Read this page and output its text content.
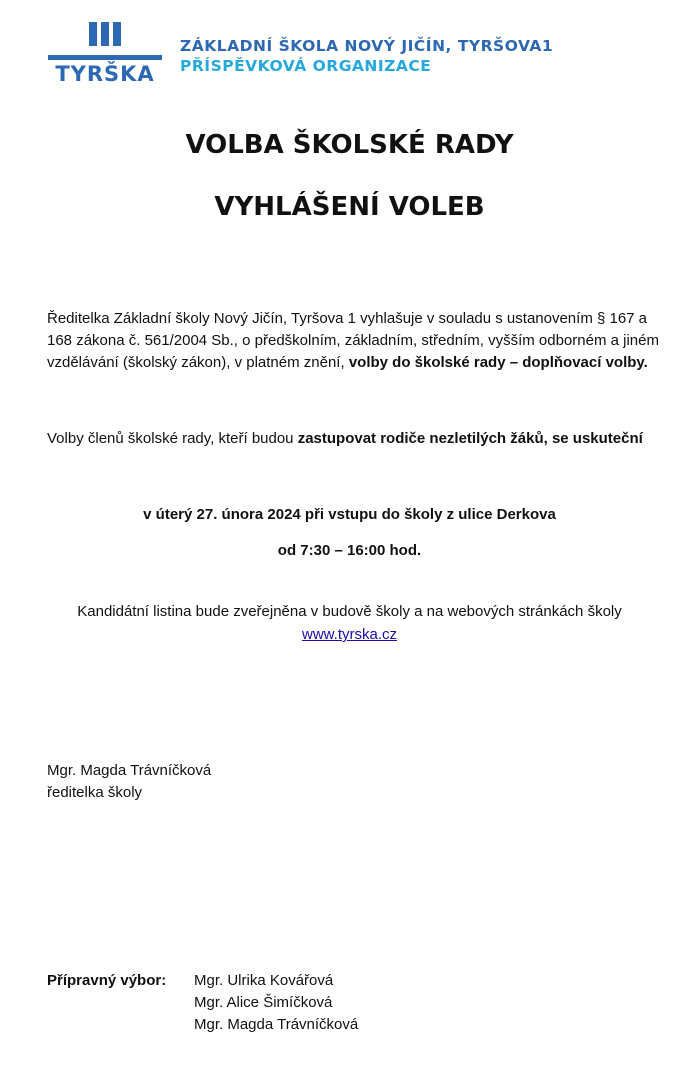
TYRŠKA
ZÁKLADNÍ ŠKOLA NOVÝ JIČÍN, TYRŠOVA1
PŘÍSPĚVKOVÁ ORGANIZACE
VOLBA ŠKOLSKÉ RADY
VYHLÁŠENÍ VOLEB

Ředitelka Základní školy Nový Jičín, Tyršova 1 vyhlašuje v souladu s ustanovením § 167 a 168 zákona č. 561/2004 Sb., o předškolním, základním, středním, vyšším odborném a jiném vzdělávání (školský zákon), v platném znění, volby do školské rady – doplňovací volby.

Volby členů školské rady, kteří budou zastupovat rodiče nezletilých žáků, se uskuteční

v úterý 27. února 2024 při vstupu do školy z ulice Derkova

od 7:30 – 16:00 hod.

Kandidátní listina bude zveřejněna v budově školy a na webových stránkách školy

www.tyrska.cz

Mgr. Magda Trávníčková
ředitelka školy
Přípravný výbor: Mgr. Ulrika Kovářová
Mgr. Alice Šimíčková
Mgr. Magda Trávníčková
